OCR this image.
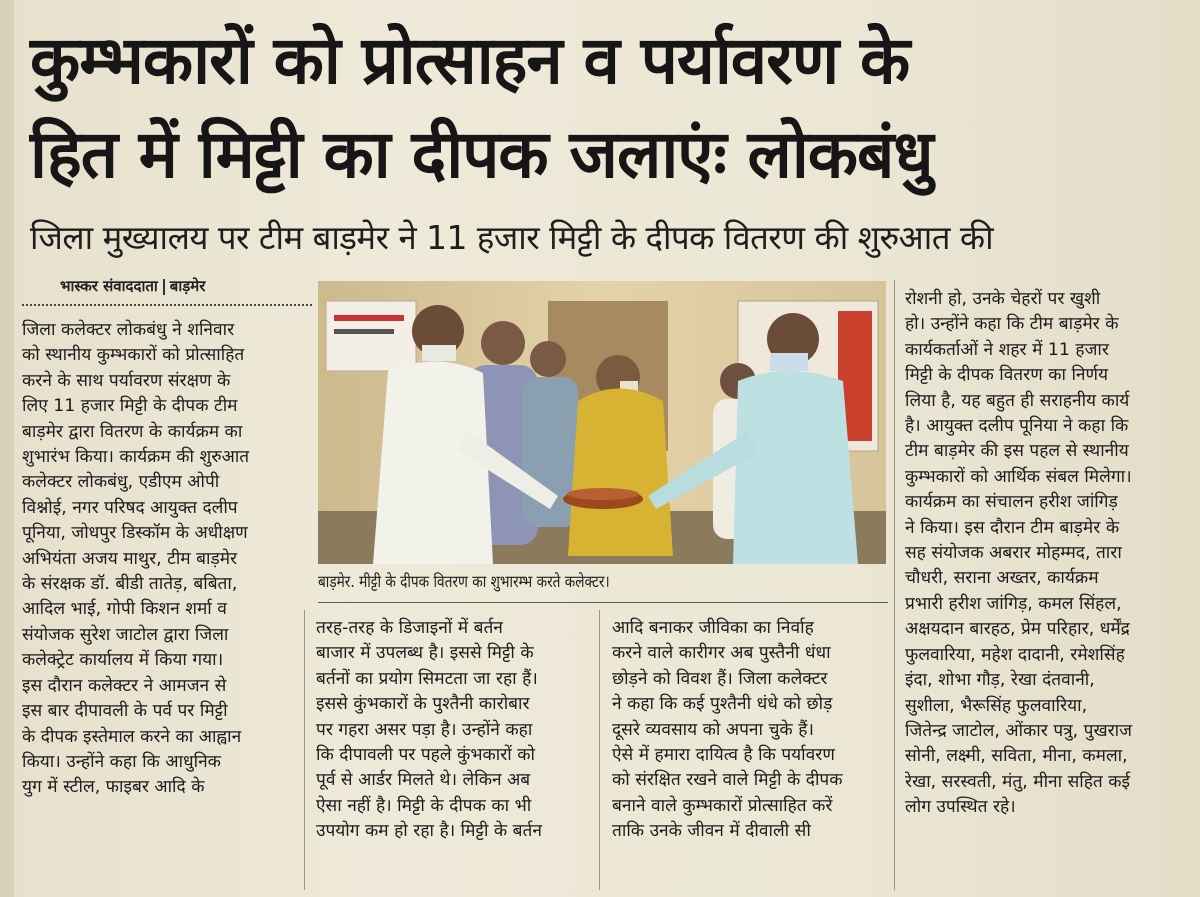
कुम्भकारों को प्रोत्साहन व पर्यावरण के
हित में मिट्टी का दीपक जलाएंः लोकबंधु
जिला मुख्यालय पर टीम बाड़मेर ने 11 हजार मिट्टी के दीपक वितरण की शुरुआत की
भास्कर संवाददाता बाड़मेर
बाड़मेर. मीट्टी के दीपक वितरण का शुभारम्भ करते कलेक्टर।
जिला कलेक्टर लोकबंधु ने शनिवार
को स्थानीय कुम्भकारों को प्रोत्साहित
करने के साथ पर्यावरण संरक्षण के
लिए 11 हजार मिट्टी के दीपक टीम
बाड़मेर द्वारा वितरण के कार्यक्रम का
शुभारंभ किया। कार्यक्रम की शुरुआत
कलेक्टर लोकबंधु, एडीएम ओपी
विश्नोई, नगर परिषद आयुक्त दलीप
पूनिया, जोधपुर डिस्कॉम के अधीक्षण
अभियंता अजय माथुर, टीम बाड़मेर
के संरक्षक डॉ. बीडी तातेड़, बबिता,
आदिल भाई, गोपी किशन शर्मा व
संयोजक सुरेश जाटोल द्वारा जिला
कलेक्ट्रेट कार्यालय में किया गया।
इस दौरान कलेक्टर ने आमजन से
इस बार दीपावली के पर्व पर मिट्टी
के दीपक इस्तेमाल करने का आह्वान
किया। उन्होंने कहा कि आधुनिक
युग में स्टील, फाइबर आदि के
तरह-तरह के डिजाइनों में बर्तन
बाजार में उपलब्ध है। इससे मिट्टी के
बर्तनों का प्रयोग सिमटता जा रहा हैं।
इससे कुंभकारों के पुश्तैनी कारोबार
पर गहरा असर पड़ा है। उन्होंने कहा
कि दीपावली पर पहले कुंभकारों को
पूर्व से आर्डर मिलते थे। लेकिन अब
ऐसा नहीं है। मिट्टी के दीपक का भी
उपयोग कम हो रहा है। मिट्टी के बर्तन
आदि बनाकर जीविका का निर्वाह
करने वाले कारीगर अब पुस्तैनी धंधा
छोड़ने को विवश हैं। जिला कलेक्टर
ने कहा कि कई पुश्तैनी धंधे को छोड़
दूसरे व्यवसाय को अपना चुके हैं।
ऐसे में हमारा दायित्व है कि पर्यावरण
को संरक्षित रखने वाले मिट्टी के दीपक
बनाने वाले कुम्भकारों प्रोत्साहित करें
ताकि उनके जीवन में दीवाली सी
रोशनी हो, उनके चेहरों पर खुशी
हो। उन्होंने कहा कि टीम बाड़मेर के
कार्यकर्ताओं ने शहर में 11 हजार
मिट्टी के दीपक वितरण का निर्णय
लिया है, यह बहुत ही सराहनीय कार्य
है। आयुक्त दलीप पूनिया ने कहा कि
टीम बाड़मेर की इस पहल से स्थानीय
कुम्भकारों को आर्थिक संबल मिलेगा।
कार्यक्रम का संचालन हरीश जांगिड़
ने किया। इस दौरान टीम बाड़मेर के
सह संयोजक अबरार मोहम्मद, तारा
चौधरी, सराना अख्तर, कार्यक्रम
प्रभारी हरीश जांगिड़, कमल सिंहल,
अक्षयदान बारहठ, प्रेम परिहार, धर्मेंद्र
फुलवारिया, महेश दादानी, रमेशसिंह
इंदा, शोभा गौड़, रेखा दंतवानी,
सुशीला, भैरूसिंह फुलवारिया,
जितेन्द्र जाटोल, ओंकार पत्रु, पुखराज
सोनी, लक्ष्मी, सविता, मीना, कमला,
रेखा, सरस्वती, मंतु, मीना सहित कई
लोग उपस्थित रहे।
